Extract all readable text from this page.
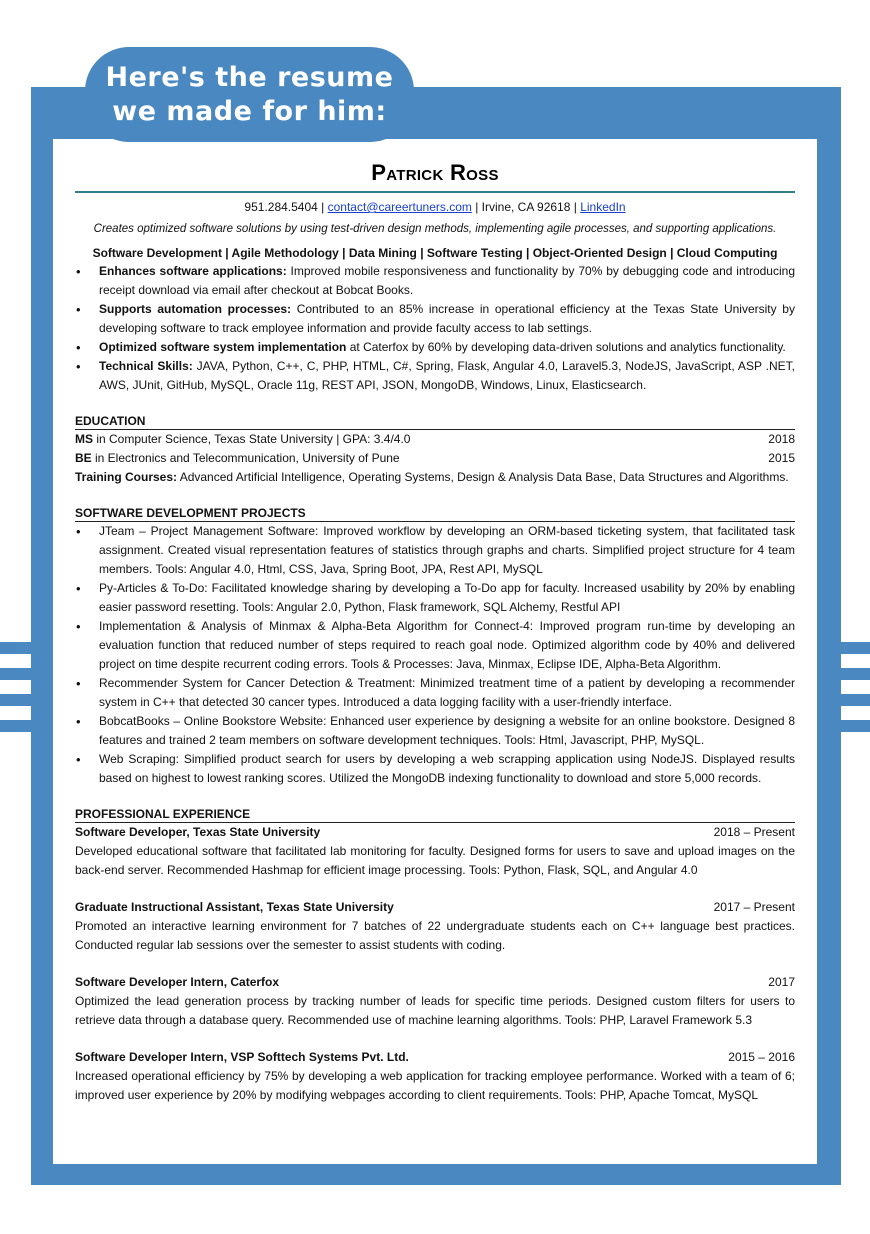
Patrick Ross
951.284.5404 | contact@careertuners.com | Irvine, CA 92618 | LinkedIn
Creates optimized software solutions by using test-driven design methods, implementing agile processes, and supporting applications.
Software Development | Agile Methodology | Data Mining | Software Testing | Object-Oriented Design | Cloud Computing
• Enhances software applications: Improved mobile responsiveness and functionality by 70% by debugging code and introducing receipt download via email after checkout at Bobcat Books.
• Supports automation processes: Contributed to an 85% increase in operational efficiency at the Texas State University by developing software to track employee information and provide faculty access to lab settings.
• Optimized software system implementation at Caterfox by 60% by developing data-driven solutions and analytics functionality.
• Technical Skills: JAVA, Python, C++, C, PHP, HTML, C#, Spring, Flask, Angular 4.0, Laravel5.3, NodeJS, JavaScript, ASP .NET, AWS, JUnit, GitHub, MySQL, Oracle 11g, REST API, JSON, MongoDB, Windows, Linux, Elasticsearch.
EDUCATION
MS in Computer Science, Texas State University | GPA: 3.4/4.0	2018
BE in Electronics and Telecommunication, University of Pune	2015
Training Courses: Advanced Artificial Intelligence, Operating Systems, Design & Analysis Data Base, Data Structures and Algorithms.
SOFTWARE DEVELOPMENT PROJECTS
• JTeam – Project Management Software: Improved workflow by developing an ORM-based ticketing system, that facilitated task assignment. Created visual representation features of statistics through graphs and charts. Simplified project structure for 4 team members. Tools: Angular 4.0, Html, CSS, Java, Spring Boot, JPA, Rest API, MySQL
• Py-Articles & To-Do: Facilitated knowledge sharing by developing a To-Do app for faculty. Increased usability by 20% by enabling easier password resetting. Tools: Angular 2.0, Python, Flask framework, SQL Alchemy, Restful API
• Implementation & Analysis of Minmax & Alpha-Beta Algorithm for Connect-4: Improved program run-time by developing an evaluation function that reduced number of steps required to reach goal node. Optimized algorithm code by 40% and delivered project on time despite recurrent coding errors. Tools & Processes: Java, Minmax, Eclipse IDE, Alpha-Beta Algorithm.
• Recommender System for Cancer Detection & Treatment: Minimized treatment time of a patient by developing a recommender system in C++ that detected 30 cancer types. Introduced a data logging facility with a user-friendly interface.
• BobcatBooks – Online Bookstore Website: Enhanced user experience by designing a website for an online bookstore. Designed 8 features and trained 2 team members on software development techniques. Tools: Html, Javascript, PHP, MySQL.
• Web Scraping: Simplified product search for users by developing a web scrapping application using NodeJS. Displayed results based on highest to lowest ranking scores. Utilized the MongoDB indexing functionality to download and store 5,000 records.
PROFESSIONAL EXPERIENCE
Software Developer, Texas State University	2018 – Present
Developed educational software that facilitated lab monitoring for faculty. Designed forms for users to save and upload images on the back-end server. Recommended Hashmap for efficient image processing. Tools: Python, Flask, SQL, and Angular 4.0
Graduate Instructional Assistant, Texas State University	2017 – Present
Promoted an interactive learning environment for 7 batches of 22 undergraduate students each on C++ language best practices. Conducted regular lab sessions over the semester to assist students with coding.
Software Developer Intern, Caterfox	2017
Optimized the lead generation process by tracking number of leads for specific time periods. Designed custom filters for users to retrieve data through a database query. Recommended use of machine learning algorithms. Tools: PHP, Laravel Framework 5.3
Software Developer Intern, VSP Softtech Systems Pvt. Ltd.	2015 – 2016
Increased operational efficiency by 75% by developing a web application for tracking employee performance. Worked with a team of 6; improved user experience by 20% by modifying webpages according to client requirements. Tools: PHP, Apache Tomcat, MySQL
Here's the resume
we made for him:
